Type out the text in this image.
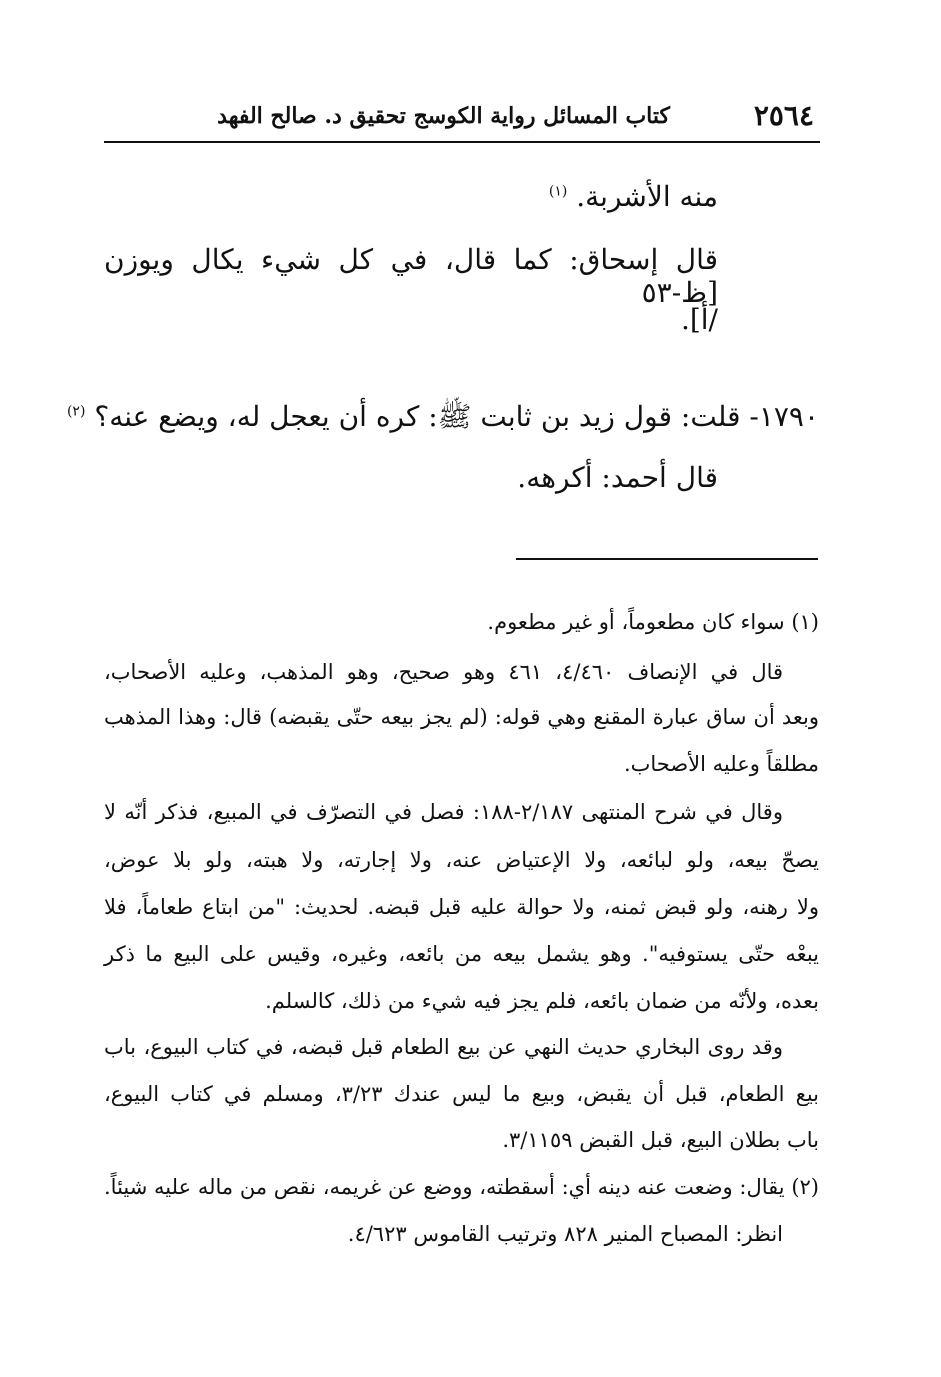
٢٥٦٤
كتاب المسائل رواية الكوسج تحقيق د. صالح الفهد
منه الأشربة. $^{(١)}$
قال إسحاق: كما قال، في كل شيء يكال ويوزن [ظ-٥٣
/أ].
١٧٩٠- قلت: قول زيد بن ثابت ﷺ: كره أن يعجل له، ويضع عنه؟ $^{(٢)}$
قال أحمد: أكرهه.
(١) سواء كان مطعوماً، أو غير مطعوم.
قال في الإنصاف ٤/٤٦٠، ٤٦١ وهو صحيح، وهو المذهب، وعليه الأصحاب،
وبعد أن ساق عبارة المقنع وهي قوله: (لم يجز بيعه حتّى يقبضه) قال: وهذا المذهب
مطلقاً وعليه الأصحاب.
وقال في شرح المنتهى ٢/١٨٧-١٨٨: فصل في التصرّف في المبيع، فذكر أنّه لا
يصحّ بيعه، ولو لبائعه، ولا الإعتياض عنه، ولا إجارته، ولا هبته، ولو بلا عوض،
ولا رهنه، ولو قبض ثمنه، ولا حوالة عليه قبل قبضه. لحديث: "من ابتاع طعاماً، فلا
يبعْه حتّى يستوفيه". وهو يشمل بيعه من بائعه، وغيره، وقيس على البيع ما ذكر
بعده، ولأنّه من ضمان بائعه، فلم يجز فيه شيء من ذلك، كالسلم.
وقد روى البخاري حديث النهي عن بيع الطعام قبل قبضه، في كتاب البيوع، باب
بيع الطعام، قبل أن يقبض، وبيع ما ليس عندك ٣/٢٣، ومسلم في كتاب البيوع،
باب بطلان البيع، قبل القبض ٣/١١٥٩.
(٢) يقال: وضعت عنه دينه أي: أسقطته، ووضع عن غريمه، نقص من ماله عليه شيئاً.
انظر: المصباح المنير ٨٢٨ وترتيب القاموس ٤/٦٢٣.
